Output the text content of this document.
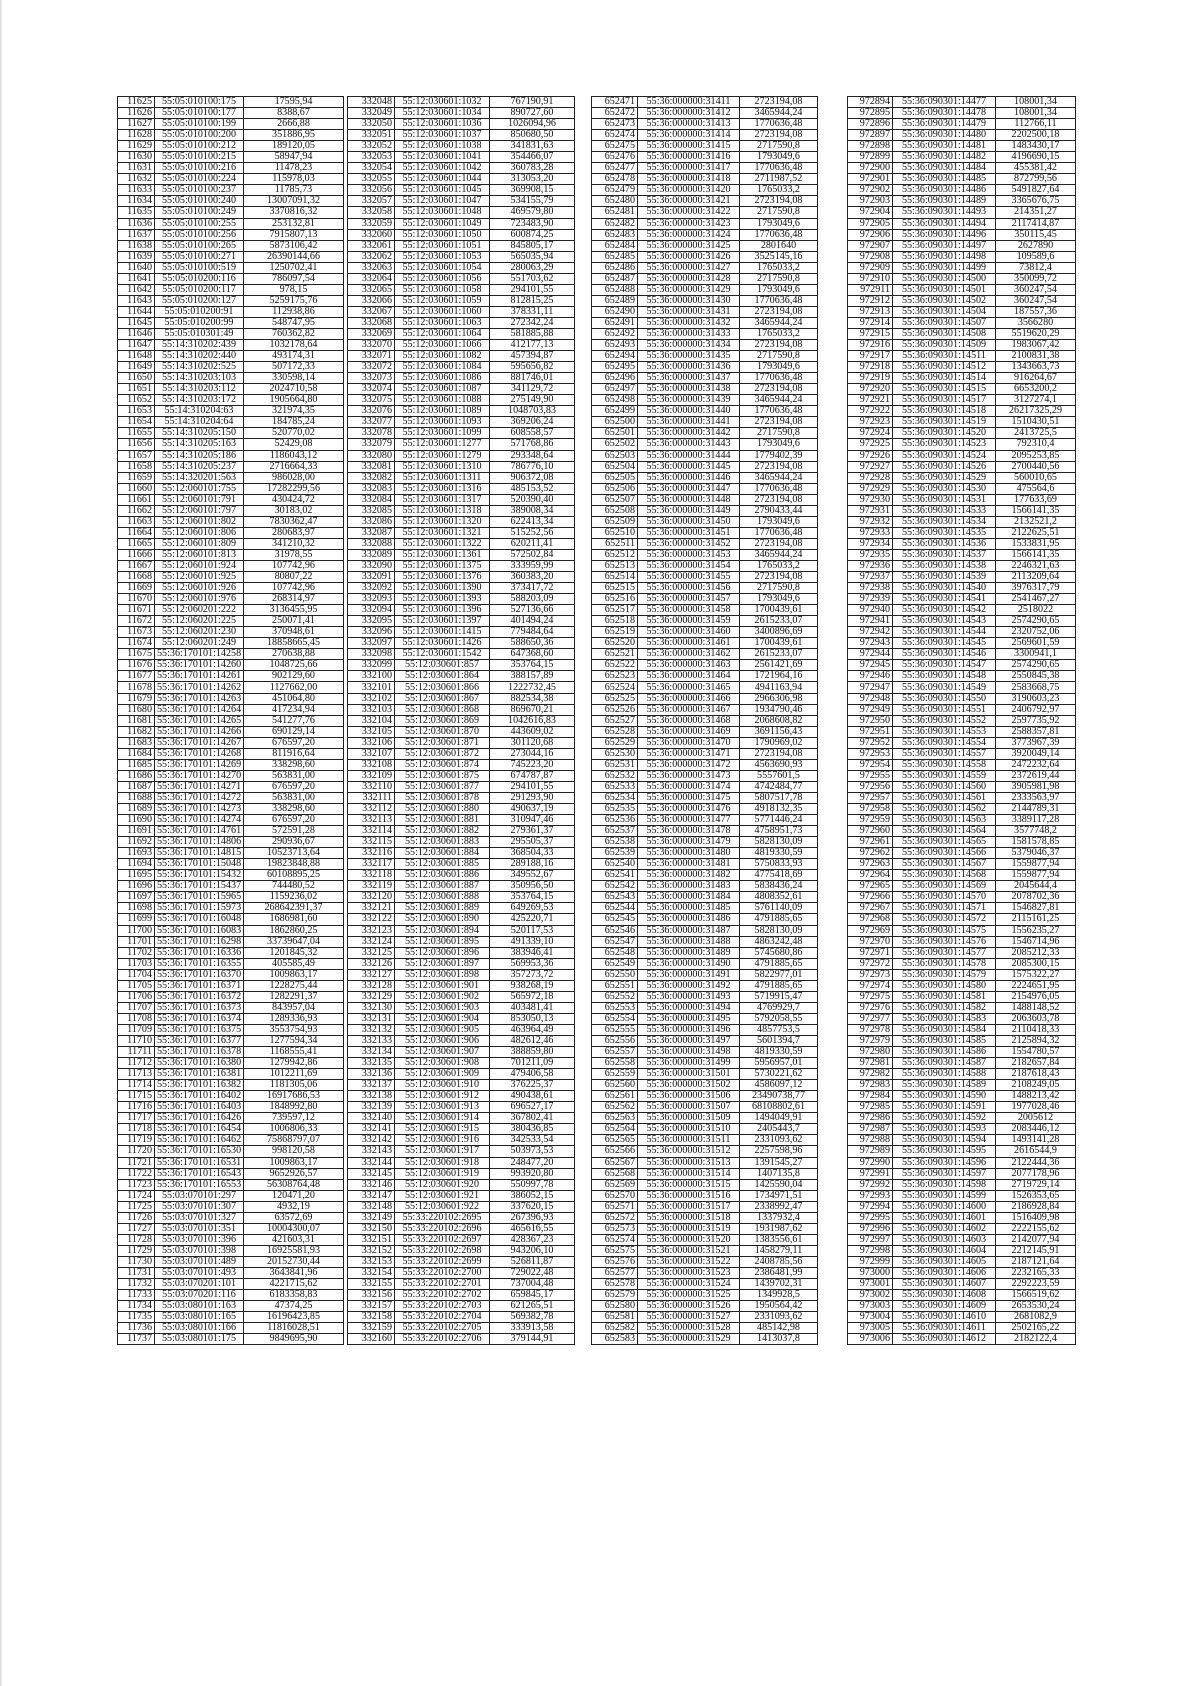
11625	55:05:010100:175	17595,94
11626	55:05:010100:177	8388,67
11627	55:05:010100:199	2666,88
11628	55:05:010100:200	351886,95
11629	55:05:010100:212	189120,05
11630	55:05:010100:215	58947,94
11631	55:05:010100:216	11478,23
11632	55:05:010100:224	115978,03
11633	55:05:010100:237	11785,73
11634	55:05:010100:240	13007091,32
11635	55:05:010100:249	3370816,32
11636	55:05:010100:255	253132,81
11637	55:05:010100:256	7915807,13
11638	55:05:010100:265	5873106,42
11639	55:05:010100:271	26390144,66
11640	55:05:010100:519	1250702,41
11641	55:05:010200:116	786097,54
11642	55:05:010200:117	978,15
11643	55:05:010200:127	5259175,76
11644	55:05:010200:91	112938,86
11645	55:05:010200:99	548747,95
11646	55:05:010301:49	760362,82
11647	55:14:310202:439	1032178,64
11648	55:14:310202:440	493174,31
11649	55:14:310202:525	507172,33
11650	55:14:310203:103	330598,14
11651	55:14:310203:112	2024710,58
11652	55:14:310203:172	1905664,80
11653	55:14:310204:63	321974,35
11654	55:14:310204:64	184785,24
11655	55:14:310205:150	520770,02
11656	55:14:310205:163	52429,08
11657	55:14:310205:186	1186043,12
11658	55:14:310205:237	2716664,33
11659	55:14:320201:563	986028,00
11660	55:12:060101:755	17282299,56
11661	55:12:060101:791	430424,72
11662	55:12:060101:797	30183,02
11663	55:12:060101:802	7830362,47
11664	55:12:060101:806	280683,97
11665	55:12:060101:809	341210,32
11666	55:12:060101:813	31978,55
11667	55:12:060101:924	107742,96
11668	55:12:060101:925	80807,22
11669	55:12:060101:926	107742,96
11670	55:12:060101:976	268314,97
11671	55:12:060201:222	3136455,95
11672	55:12:060201:225	250071,41
11673	55:12:060201:230	370948,61
11674	55:12:060201:249	18858665,45
11675	55:36:170101:14258	270638,88
11676	55:36:170101:14260	1048725,66
11677	55:36:170101:14261	902129,60
11678	55:36:170101:14262	1127662,00
11679	55:36:170101:14263	451064,80
11680	55:36:170101:14264	417234,94
11681	55:36:170101:14265	541277,76
11682	55:36:170101:14266	690129,14
11683	55:36:170101:14267	676597,20
11684	55:36:170101:14268	811916,64
11685	55:36:170101:14269	338298,60
11686	55:36:170101:14270	563831,00
11687	55:36:170101:14271	676597,20
11688	55:36:170101:14272	563831,00
11689	55:36:170101:14273	338298,60
11690	55:36:170101:14274	676597,20
11691	55:36:170101:14761	572591,28
11692	55:36:170101:14806	290936,67
11693	55:36:170101:14815	10523713,64
11694	55:36:170101:15048	19823848,88
11695	55:36:170101:15432	60108895,25
11696	55:36:170101:15437	744480,52
11697	55:36:170101:15965	1159236,02
11698	55:36:170101:15973	268642391,37
11699	55:36:170101:16048	1686981,60
11700	55:36:170101:16083	1862860,25
11701	55:36:170101:16298	33739647,04
11702	55:36:170101:16336	1201845,32
11703	55:36:170101:16355	405585,49
11704	55:36:170101:16370	1009863,17
11705	55:36:170101:16371	1228275,44
11706	55:36:170101:16372	1282291,37
11707	55:36:170101:16373	843957,04
11708	55:36:170101:16374	1289336,93
11709	55:36:170101:16375	3553754,93
11710	55:36:170101:16377	1277594,34
11711	55:36:170101:16378	1168555,41
11712	55:36:170101:16380	1279942,86
11713	55:36:170101:16381	1012211,69
11714	55:36:170101:16382	1181305,06
11715	55:36:170101:16402	16917686,53
11716	55:36:170101:16403	1848992,80
11717	55:36:170101:16426	739597,12
11718	55:36:170101:16454	1006806,33
11719	55:36:170101:16462	75868797,07
11720	55:36:170101:16530	998120,58
11721	55:36:170101:16531	1009863,17
11722	55:36:170101:16543	9652926,57
11723	55:36:170101:16553	56308764,48
11724	55:03:070101:297	120471,20
11725	55:03:070101:307	4932,19
11726	55:03:070101:327	63572,69
11727	55:03:070101:351	10004300,07
11728	55:03:070101:396	421603,31
11729	55:03:070101:398	16925581,93
11730	55:03:070101:489	20152730,44
11731	55:03:070101:493	3643841,96
11732	55:03:070201:101	4221715,62
11733	55:03:070201:116	6183358,83
11734	55:03:080101:163	47374,25
11735	55:03:080101:165	16196423,85
11736	55:03:080101:166	11816028,51
11737	55:03:080101:175	9849695,90
332048	55:12:030601:1032	767190,91
332049	55:12:030601:1034	890727,60
332050	55:12:030601:1036	1026094,96
332051	55:12:030601:1037	850680,50
332052	55:12:030601:1038	341831,63
332053	55:12:030601:1041	354466,07
332054	55:12:030601:1042	360783,28
332055	55:12:030601:1044	313053,20
332056	55:12:030601:1045	369908,15
332057	55:12:030601:1047	534155,79
332058	55:12:030601:1048	469579,80
332059	55:12:030601:1049	723483,90
332060	55:12:030601:1050	600874,25
332061	55:12:030601:1051	845805,17
332062	55:12:030601:1053	565035,94
332063	55:12:030601:1054	280063,29
332064	55:12:030601:1056	551703,62
332065	55:12:030601:1058	294101,55
332066	55:12:030601:1059	812815,25
332067	55:12:030601:1060	378331,11
332068	55:12:030601:1063	272342,24
332069	55:12:030601:1064	581885,88
332070	55:12:030601:1066	412177,13
332071	55:12:030601:1082	457394,87
332072	55:12:030601:1084	595656,82
332073	55:12:030601:1086	881746,01
332074	55:12:030601:1087	341129,72
332075	55:12:030601:1088	275149,90
332076	55:12:030601:1089	1048703,83
332077	55:12:030601:1093	369206,24
332078	55:12:030601:1099	608558,57
332079	55:12:030601:1277	571768,86
332080	55:12:030601:1279	293348,64
332081	55:12:030601:1310	786776,10
332082	55:12:030601:1311	906372,08
332083	55:12:030601:1316	485153,52
332084	55:12:030601:1317	520390,40
332085	55:12:030601:1318	389008,34
332086	55:12:030601:1320	622413,34
332087	55:12:030601:1321	515252,56
332088	55:12:030601:1322	620211,41
332089	55:12:030601:1361	572502,84
332090	55:12:030601:1375	333959,99
332091	55:12:030601:1376	360383,20
332092	55:12:030601:1390	373417,72
332093	55:12:030601:1393	588203,09
332094	55:12:030601:1396	527136,66
332095	55:12:030601:1397	401494,24
332096	55:12:030601:1415	779484,64
332097	55:12:030601:1426	588650,36
332098	55:12:030601:1542	647368,60
332099	55:12:030601:857	353764,15
332100	55:12:030601:864	388157,89
332101	55:12:030601:866	1222732,45
332102	55:12:030601:867	882534,38
332103	55:12:030601:868	869670,21
332104	55:12:030601:869	1042616,83
332105	55:12:030601:870	443609,02
332106	55:12:030601:871	301120,68
332107	55:12:030601:872	273044,16
332108	55:12:030601:874	745223,20
332109	55:12:030601:875	674787,87
332110	55:12:030601:877	294101,55
332111	55:12:030601:878	291293,90
332112	55:12:030601:880	490637,19
332113	55:12:030601:881	310947,46
332114	55:12:030601:882	279361,37
332115	55:12:030601:883	295505,37
332116	55:12:030601:884	368504,33
332117	55:12:030601:885	289188,16
332118	55:12:030601:886	349552,67
332119	55:12:030601:887	350956,50
332120	55:12:030601:888	353764,15
332121	55:12:030601:889	649269,53
332122	55:12:030601:890	425220,71
332123	55:12:030601:894	520117,53
332124	55:12:030601:895	491339,10
332125	55:12:030601:896	383946,41
332126	55:12:030601:897	569953,36
332127	55:12:030601:898	357273,72
332128	55:12:030601:901	938268,19
332129	55:12:030601:902	565972,18
332130	55:12:030601:903	403481,41
332131	55:12:030601:904	853050,13
332132	55:12:030601:905	463964,49
332133	55:12:030601:906	482612,46
332134	55:12:030601:907	388859,80
332135	55:12:030601:908	701211,09
332136	55:12:030601:909	479406,58
332137	55:12:030601:910	376225,37
332138	55:12:030601:912	490438,61
332139	55:12:030601:913	696527,17
332140	55:12:030601:914	367802,41
332141	55:12:030601:915	380436,85
332142	55:12:030601:916	342533,54
332143	55:12:030601:917	503973,53
332144	55:12:030601:918	248477,20
332145	55:12:030601:919	993920,80
332146	55:12:030601:920	550997,78
332147	55:12:030601:921	386052,15
332148	55:12:030601:922	337620,15
332149	55:33:220102:2695	267396,93
332150	55:33:220102:2696	465616,55
332151	55:33:220102:2697	428367,23
332152	55:33:220102:2698	943206,10
332153	55:33:220102:2699	526811,87
332154	55:33:220102:2700	729022,48
332155	55:33:220102:2701	737004,48
332156	55:33:220102:2702	659845,17
332157	55:33:220102:2703	621265,51
332158	55:33:220102:2704	569382,78
332159	55:33:220102:2705	333913,58
332160	55:33:220102:2706	379144,91
652471	55:36:000000:31411	2723194,08
652472	55:36:000000:31412	3465944,24
652473	55:36:000000:31413	1770636,48
652474	55:36:000000:31414	2723194,08
652475	55:36:000000:31415	2717590,8
652476	55:36:000000:31416	1793049,6
652477	55:36:000000:31417	1770636,48
652478	55:36:000000:31418	2711987,52
652479	55:36:000000:31420	1765033,2
652480	55:36:000000:31421	2723194,08
652481	55:36:000000:31422	2717590,8
652482	55:36:000000:31423	1793049,6
652483	55:36:000000:31424	1770636,48
652484	55:36:000000:31425	2801640
652485	55:36:000000:31426	3525145,16
652486	55:36:000000:31427	1765033,2
652487	55:36:000000:31428	2717590,8
652488	55:36:000000:31429	1793049,6
652489	55:36:000000:31430	1770636,48
652490	55:36:000000:31431	2723194,08
652491	55:36:000000:31432	3465944,24
652492	55:36:000000:31433	1765033,2
652493	55:36:000000:31434	2723194,08
652494	55:36:000000:31435	2717590,8
652495	55:36:000000:31436	1793049,6
652496	55:36:000000:31437	1770636,48
652497	55:36:000000:31438	2723194,08
652498	55:36:000000:31439	3465944,24
652499	55:36:000000:31440	1770636,48
652500	55:36:000000:31441	2723194,08
652501	55:36:000000:31442	2717590,8
652502	55:36:000000:31443	1793049,6
652503	55:36:000000:31444	1779402,39
652504	55:36:000000:31445	2723194,08
652505	55:36:000000:31446	3465944,24
652506	55:36:000000:31447	1770636,48
652507	55:36:000000:31448	2723194,08
652508	55:36:000000:31449	2790433,44
652509	55:36:000000:31450	1793049,6
652510	55:36:000000:31451	1770636,48
652511	55:36:000000:31452	2723194,08
652512	55:36:000000:31453	3465944,24
652513	55:36:000000:31454	1765033,2
652514	55:36:000000:31455	2723194,08
652515	55:36:000000:31456	2717590,8
652516	55:36:000000:31457	1793049,6
652517	55:36:000000:31458	1700439,61
652518	55:36:000000:31459	2615233,07
652519	55:36:000000:31460	3400896,69
652520	55:36:000000:31461	1700439,61
652521	55:36:000000:31462	2615233,07
652522	55:36:000000:31463	2561421,69
652523	55:36:000000:31464	1721964,16
652524	55:36:000000:31465	4941163,94
652525	55:36:000000:31466	2966306,98
652526	55:36:000000:31467	1934790,46
652527	55:36:000000:31468	2068608,82
652528	55:36:000000:31469	3691156,43
652529	55:36:000000:31470	1790969,02
652530	55:36:000000:31471	2723194,08
652531	55:36:000000:31472	4563690,93
652532	55:36:000000:31473	5557601,5
652533	55:36:000000:31474	4742484,77
652534	55:36:000000:31475	5807517,78
652535	55:36:000000:31476	4918132,35
652536	55:36:000000:31477	5771446,24
652537	55:36:000000:31478	4758951,73
652538	55:36:000000:31479	5828130,09
652539	55:36:000000:31480	4819330,59
652540	55:36:000000:31481	5750833,93
652541	55:36:000000:31482	4775418,69
652542	55:36:000000:31483	5838436,24
652543	55:36:000000:31484	4808352,61
652544	55:36:000000:31485	5761140,09
652545	55:36:000000:31486	4791885,65
652546	55:36:000000:31487	5828130,09
652547	55:36:000000:31488	4863242,48
652548	55:36:000000:31489	5745680,86
652549	55:36:000000:31490	4791885,65
652550	55:36:000000:31491	5822977,01
652551	55:36:000000:31492	4791885,65
652552	55:36:000000:31493	5719915,47
652553	55:36:000000:31494	4769929,7
652554	55:36:000000:31495	5792058,55
652555	55:36:000000:31496	4857753,5
652556	55:36:000000:31497	5601394,7
652557	55:36:000000:31498	4819330,59
652558	55:36:000000:31499	5956957,01
652559	55:36:000000:31501	5730221,62
652560	55:36:000000:31502	4586097,12
652561	55:36:000000:31506	23490738,77
652562	55:36:000000:31507	68108802,61
652563	55:36:000000:31509	1494049,91
652564	55:36:000000:31510	2405443,7
652565	55:36:000000:31511	2331093,62
652566	55:36:000000:31512	2257598,96
652567	55:36:000000:31513	1391545,27
652568	55:36:000000:31514	1407135,8
652569	55:36:000000:31515	1425590,04
652570	55:36:000000:31516	1734971,51
652571	55:36:000000:31517	2338992,47
652572	55:36:000000:31518	1337932,4
652573	55:36:000000:31519	1931987,62
652574	55:36:000000:31520	1383556,61
652575	55:36:000000:31521	1458279,11
652576	55:36:000000:31522	2408785,56
652577	55:36:000000:31523	2386481,99
652578	55:36:000000:31524	1439702,31
652579	55:36:000000:31525	1349928,5
652580	55:36:000000:31526	1950564,42
652581	55:36:000000:31527	2331093,62
652582	55:36:000000:31528	485142,98
652583	55:36:000000:31529	1413037,8
972894	55:36:090301:14477	108001,34
972895	55:36:090301:14478	108001,34
972896	55:36:090301:14479	112766,11
972897	55:36:090301:14480	2202500,18
972898	55:36:090301:14481	1483430,17
972899	55:36:090301:14482	4196690,15
972900	55:36:090301:14484	455381,42
972901	55:36:090301:14485	872799,56
972902	55:36:090301:14486	5491827,64
972903	55:36:090301:14489	3365676,75
972904	55:36:090301:14493	214351,27
972905	55:36:090301:14494	2117414,87
972906	55:36:090301:14496	350115,45
972907	55:36:090301:14497	2627890
972908	55:36:090301:14498	109589,6
972909	55:36:090301:14499	73812,4
972910	55:36:090301:14500	350099,72
972911	55:36:090301:14501	360247,54
972912	55:36:090301:14502	360247,54
972913	55:36:090301:14504	187557,36
972914	55:36:090301:14507	3566280
972915	55:36:090301:14508	5519620,29
972916	55:36:090301:14509	1983067,42
972917	55:36:090301:14511	2100831,38
972918	55:36:090301:14512	1343663,73
972919	55:36:090301:14514	916264,67
972920	55:36:090301:14515	6653200,2
972921	55:36:090301:14517	3127274,1
972922	55:36:090301:14518	26217325,29
972923	55:36:090301:14519	1510430,51
972924	55:36:090301:14520	2413725,5
972925	55:36:090301:14523	792310,4
972926	55:36:090301:14524	2095253,85
972927	55:36:090301:14526	2700440,56
972928	55:36:090301:14529	560010,65
972929	55:36:090301:14530	475564,6
972930	55:36:090301:14531	177633,69
972931	55:36:090301:14533	1566141,35
972932	55:36:090301:14534	2132521,2
972933	55:36:090301:14535	2122625,51
972934	55:36:090301:14536	1533831,95
972935	55:36:090301:14537	1566141,35
972936	55:36:090301:14538	2246321,63
972937	55:36:090301:14539	2113209,64
972938	55:36:090301:14540	3976317,79
972939	55:36:090301:14541	2541467,27
972940	55:36:090301:14542	2518022
972941	55:36:090301:14543	2574290,65
972942	55:36:090301:14544	2320752,06
972943	55:36:090301:14545	2569601,59
972944	55:36:090301:14546	3300941,1
972945	55:36:090301:14547	2574290,65
972946	55:36:090301:14548	2550845,38
972947	55:36:090301:14549	2583668,75
972948	55:36:090301:14550	3190603,23
972949	55:36:090301:14551	2406792,97
972950	55:36:090301:14552	2597735,92
972951	55:36:090301:14553	2588357,81
972952	55:36:090301:14554	3773967,39
972953	55:36:090301:14557	3920049,14
972954	55:36:090301:14558	2472232,64
972955	55:36:090301:14559	2372619,44
972956	55:36:090301:14560	3905981,98
972957	55:36:090301:14561	2333563,97
972958	55:36:090301:14562	2144789,31
972959	55:36:090301:14563	3389117,28
972960	55:36:090301:14564	3577748,2
972961	55:36:090301:14565	1581578,85
972962	55:36:090301:14566	5379046,37
972963	55:36:090301:14567	1559877,94
972964	55:36:090301:14568	1559877,94
972965	55:36:090301:14569	2045644,4
972966	55:36:090301:14570	2078702,36
972967	55:36:090301:14571	1546827,81
972968	55:36:090301:14572	2115161,25
972969	55:36:090301:14575	1556235,27
972970	55:36:090301:14576	1546714,96
972971	55:36:090301:14577	2085212,33
972972	55:36:090301:14578	2085300,15
972973	55:36:090301:14579	1575322,27
972974	55:36:090301:14580	2224651,95
972975	55:36:090301:14581	2154976,05
972976	55:36:090301:14582	1488148,52
972977	55:36:090301:14583	2063603,78
972978	55:36:090301:14584	2110418,33
972979	55:36:090301:14585	2125894,32
972980	55:36:090301:14586	1554780,57
972981	55:36:090301:14587	2182657,84
972982	55:36:090301:14588	2187618,43
972983	55:36:090301:14589	2108249,05
972984	55:36:090301:14590	1488213,42
972985	55:36:090301:14591	1977028,46
972986	55:36:090301:14592	2005612
972987	55:36:090301:14593	2083446,12
972988	55:36:090301:14594	1493141,28
972989	55:36:090301:14595	2616544,9
972990	55:36:090301:14596	2122444,36
972991	55:36:090301:14597	2077178,96
972992	55:36:090301:14598	2719729,14
972993	55:36:090301:14599	1526353,65
972994	55:36:090301:14600	2186928,84
972995	55:36:090301:14601	1516409,98
972996	55:36:090301:14602	2222155,62
972997	55:36:090301:14603	2142077,94
972998	55:36:090301:14604	2212145,91
972999	55:36:090301:14605	2187121,64
973000	55:36:090301:14606	2232165,33
973001	55:36:090301:14607	2292223,59
973002	55:36:090301:14608	1566519,62
973003	55:36:090301:14609	2653530,24
973004	55:36:090301:14610	2681082,9
973005	55:36:090301:14611	2502165,22
973006	55:36:090301:14612	2182122,4
